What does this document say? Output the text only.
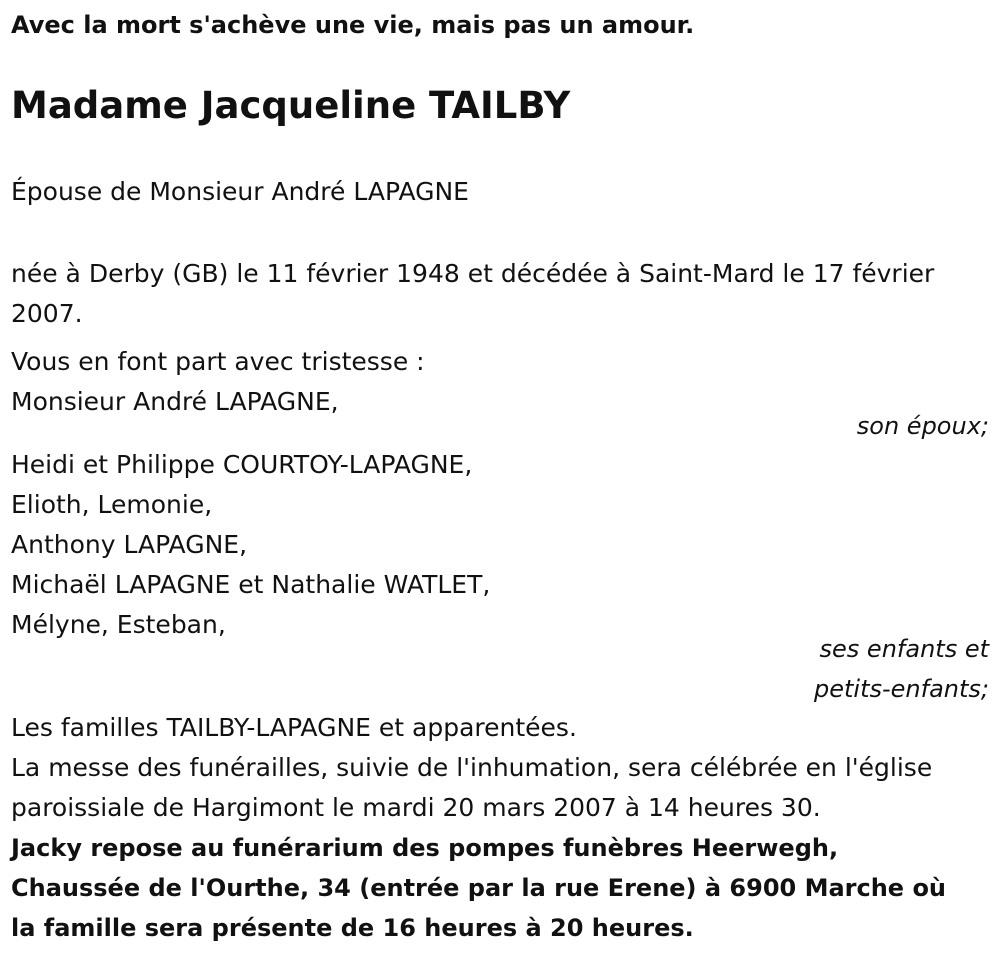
Avec la mort s'achève une vie, mais pas un amour.
Madame Jacqueline TAILBY
Épouse de Monsieur André LAPAGNE
née à Derby (GB) le 11 février 1948 et décédée à Saint-Mard le 17 février
2007.
Vous en font part avec tristesse :
Monsieur André LAPAGNE,
son époux;
Heidi et Philippe COURTOY-LAPAGNE,
Elioth, Lemonie,
Anthony LAPAGNE,
Michaël LAPAGNE et Nathalie WATLET,
Mélyne, Esteban,
ses enfants et
petits-enfants;
Les familles TAILBY-LAPAGNE et apparentées.
La messe des funérailles, suivie de l'inhumation, sera célébrée en l'église
paroissiale de Hargimont le mardi 20 mars 2007 à 14 heures 30.
Jacky repose au funérarium des pompes funèbres Heerwegh,
Chaussée de l'Ourthe, 34 (entrée par la rue Erene) à 6900 Marche où
la famille sera présente de 16 heures à 20 heures.
